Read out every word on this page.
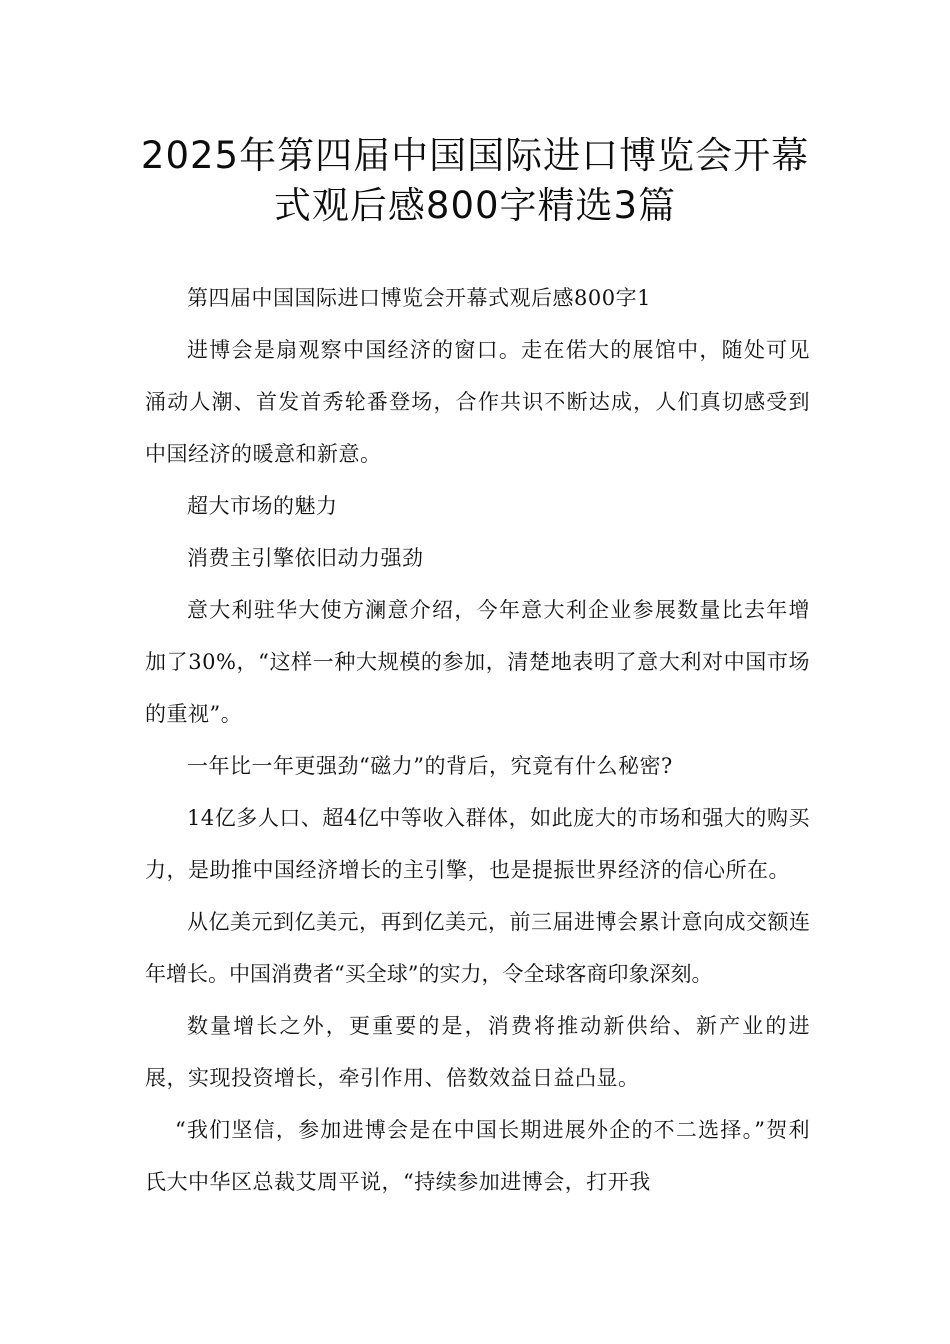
2025年第四届中国国际进口博览会开幕
式观后感800字精选3篇

第四届中国国际进口博览会开幕式观后感800字1

进博会是扇观察中国经济的窗口。走在偌大的展馆中，随处可见涌动人潮、首发首秀轮番登场，合作共识不断达成，人们真切感受到中国经济的暖意和新意。

超大市场的魅力

消费主引擎依旧动力强劲

意大利驻华大使方澜意介绍，今年意大利企业参展数量比去年增加了30%，“这样一种大规模的参加，清楚地表明了意大利对中国市场的重视”。

一年比一年更强劲“磁力”的背后，究竟有什么秘密?

14亿多人口、超4亿中等收入群体，如此庞大的市场和强大的购买力，是助推中国经济增长的主引擎，也是提振世界经济的信心所在。

从亿美元到亿美元，再到亿美元，前三届进博会累计意向成交额连年增长。中国消费者“买全球”的实力，令全球客商印象深刻。

数量增长之外，更重要的是，消费将推动新供给、新产业的进展，实现投资增长，牵引作用、倍数效益日益凸显。

“我们坚信，参加进博会是在中国长期进展外企的不二选择。”贺利氏大中华区总裁艾周平说，“持续参加进博会，打开我
